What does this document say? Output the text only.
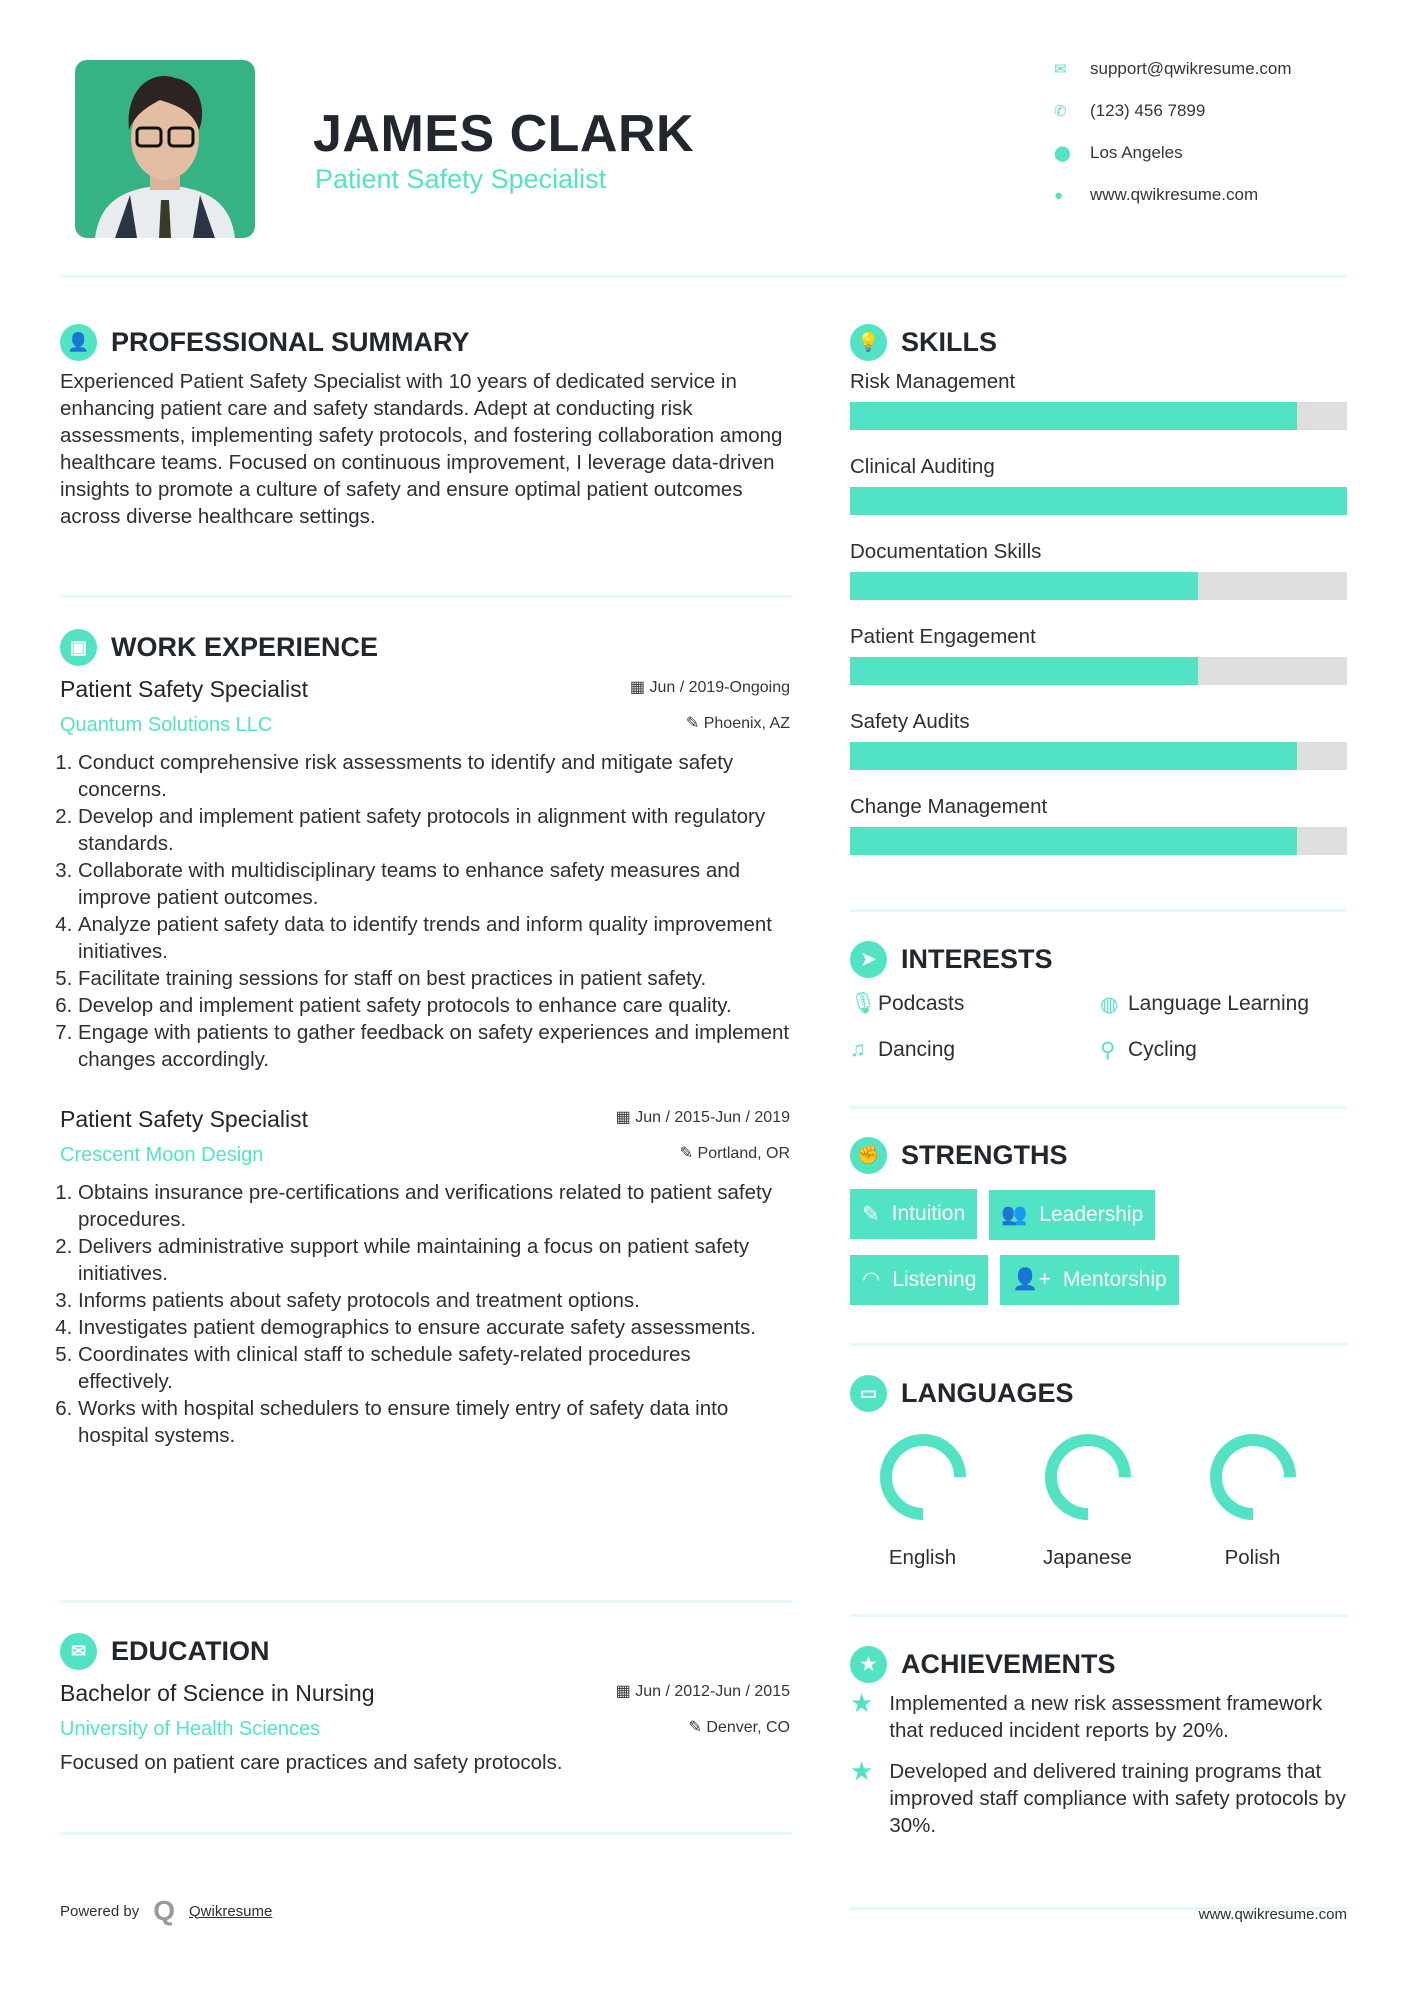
JAMES CLARK
Patient Safety Specialist
✉	support@qwikresume.com
✆	(123) 456 7899
⬤	Los Angeles
●	www.qwikresume.com
👤 PROFESSIONAL SUMMARY
Experienced Patient Safety Specialist with 10 years of dedicated service in enhancing patient care and safety standards. Adept at conducting risk assessments, implementing safety protocols, and fostering collaboration among healthcare teams. Focused on continuous improvement, I leverage data-driven insights to promote a culture of safety and ensure optimal patient outcomes across diverse healthcare settings.
▣ WORK EXPERIENCE
▦ Jun / 2019-Ongoing
✎ Phoenix, AZ
Patient Safety Specialist
Quantum Solutions LLC
1. Conduct comprehensive risk assessments to identify and mitigate safety concerns.
2. Develop and implement patient safety protocols in alignment with regulatory standards.
3. Collaborate with multidisciplinary teams to enhance safety measures and improve patient outcomes.
4. Analyze patient safety data to identify trends and inform quality improvement initiatives.
5. Facilitate training sessions for staff on best practices in patient safety.
6. Develop and implement patient safety protocols to enhance care quality.
7. Engage with patients to gather feedback on safety experiences and implement changes accordingly.
▦ Jun / 2015-Jun / 2019
✎ Portland, OR
Patient Safety Specialist
Crescent Moon Design
1. Obtains insurance pre-certifications and verifications related to patient safety procedures.
2. Delivers administrative support while maintaining a focus on patient safety initiatives.
3. Informs patients about safety protocols and treatment options.
4. Investigates patient demographics to ensure accurate safety assessments.
5. Coordinates with clinical staff to schedule safety-related procedures effectively.
6. Works with hospital schedulers to ensure timely entry of safety data into hospital systems.
✉ EDUCATION
▦ Jun / 2012-Jun / 2015
✎ Denver, CO
Bachelor of Science in Nursing
University of Health Sciences
Focused on patient care practices and safety protocols.
Powered by Q Qwikresume
💡 SKILLS
Risk Management
Clinical Auditing
Documentation Skills
Patient Engagement
Safety Audits
Change Management
➤ INTERESTS
🎙 Podcasts	◍ Language Learning
♫ Dancing	⚲ Cycling
✊ STRENGTHS
✎ Intuition 👥 Leadership
◠ Listening 👤+ Mentorship
▭ LANGUAGES
English	Japanese	Polish
★ ACHIEVEMENTS
★ Implemented a new risk assessment framework that reduced incident reports by 20%.
★ Developed and delivered training programs that improved staff compliance with safety protocols by 30%.
www.qwikresume.com
